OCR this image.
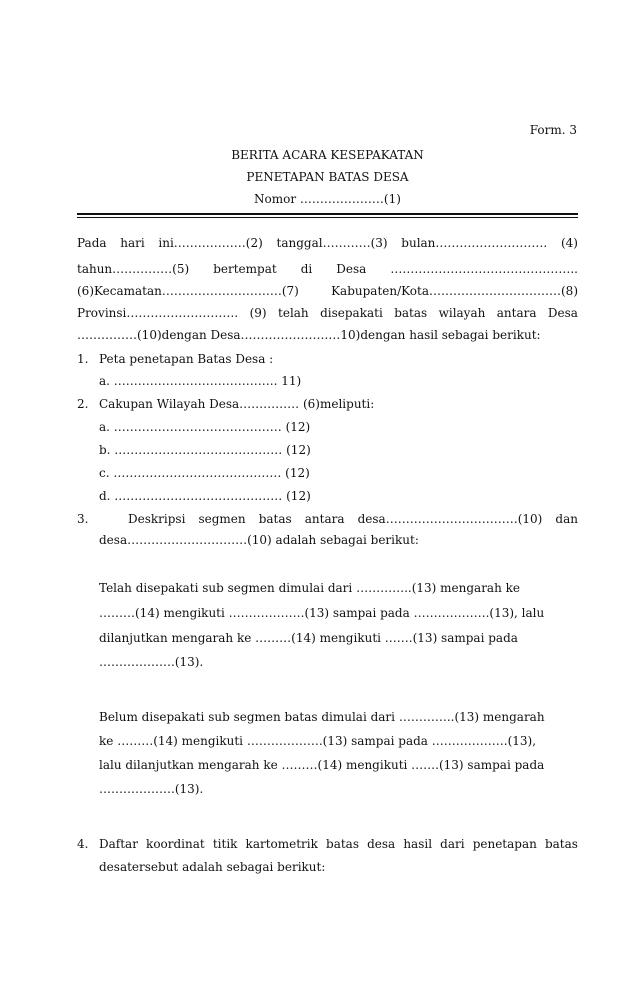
Form. 3
BERITA ACARA KESEPAKATAN
PENETAPAN BATAS DESA
Nomor …………………(1)
Pada hari ini………………(2) tanggal…………(3) bulan………………………. (4)
tahun……………(5) bertempat di Desa ………………………………………..
(6)Kecamatan…………………………(7)	Kabupaten/Kota……………………………(8)
Provinsi………………………. (9) telah disepakati batas wilayah antara Desa
……………(10)dengan Desa………………….…10)dengan hasil sebagai berikut:
1. Peta penetapan Batas Desa :
a. ………………………………….. 11)
2. Cakupan Wilayah Desa…………… (6)meliputi:
a. …………………………………… (12)
b. …………………………………… (12)
c. …………………………………… (12)
d. …………………………………… (12)
3.	Deskripsi segmen batas antara desa……………………………(10) dan
desa…………………………(10) adalah sebagai berikut:
Telah disepakati sub segmen dimulai dari …………..(13) mengarah ke
………(14) mengikuti ……………….(13) sampai pada ……………….(13), lalu
dilanjutkan mengarah ke ………(14) mengikuti …….(13) sampai pada
……………….(13).
Belum disepakati sub segmen batas dimulai dari …………..(13) mengarah
ke ………(14) mengikuti ……………….(13) sampai pada ……………….(13),
lalu dilanjutkan mengarah ke ………(14) mengikuti …….(13) sampai pada
……………….(13).
4. Daftar koordinat titik kartometrik batas desa hasil dari penetapan batas
desatersebut adalah sebagai berikut:
